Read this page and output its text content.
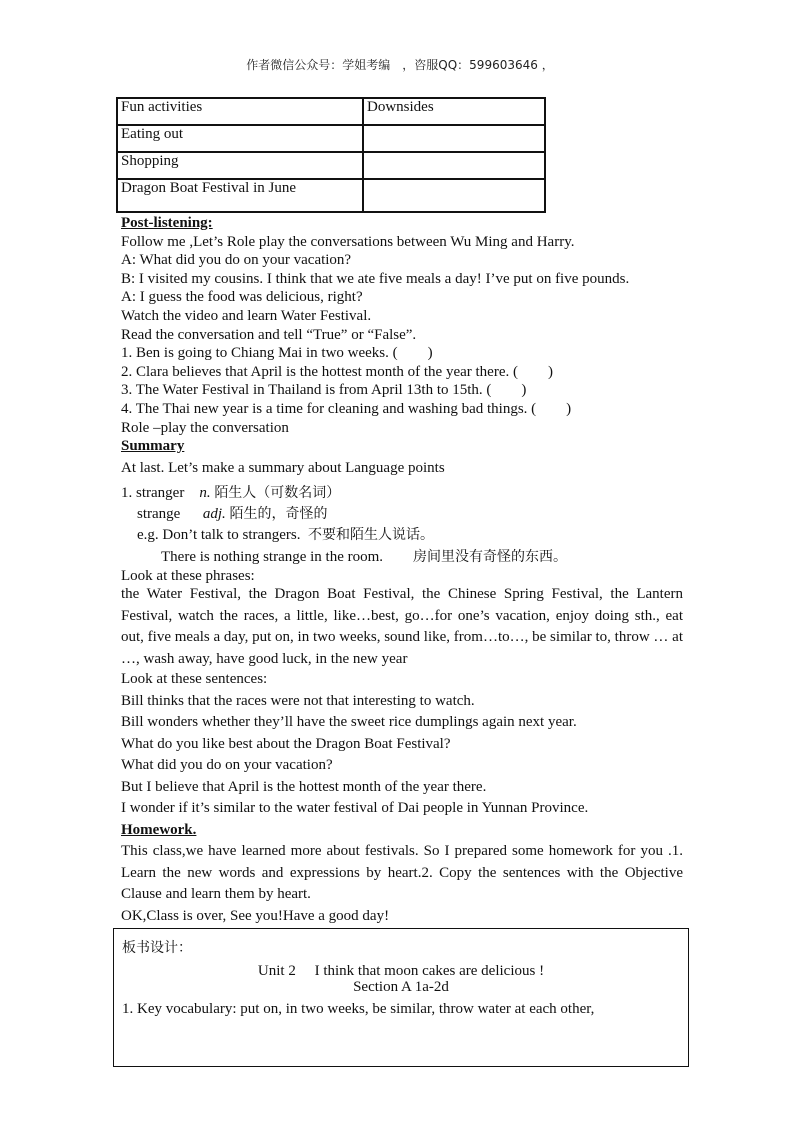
作者微信公众号：学姐考编　，咨服QQ：599603646 ，
Fun activities	Downsides
Eating out	
Shopping	
Dragon Boat Festival in June	
Post-listening:
Follow me ,Let’s Role play the conversations between Wu Ming and Harry.
A: What did you do on your vacation?
B: I visited my cousins. I think that we ate five meals a day! I’ve put on five pounds.
A: I guess the food was delicious, right?
Watch the video and learn Water Festival.
Read the conversation and tell “True” or “False”.
1. Ben is going to Chiang Mai in two weeks. (　　)
2. Clara believes that April is the hottest month of the year there. (　　)
3. The Water Festival in Thailand is from April 13th to 15th. (　　)
4. The Thai new year is a time for cleaning and washing bad things. (　　)
Role –play the conversation
Summary
At last. Let’s make a summary about Language points
1. stranger n. 陌生人（可数名词）
strange adj. 陌生的，奇怪的
e.g. Don’t talk to strangers. 不要和陌生人说话。
There is nothing strange in the room. 房间里没有奇怪的东西。
Look at these phrases:
the Water Festival, the Dragon Boat Festival, the Chinese Spring Festival, the Lantern Festival, watch the races, a little, like…best, go…for one’s vacation, enjoy doing sth., eat out, five meals a day, put on, in two weeks, sound like, from…to…, be similar to, throw … at …, wash away, have good luck, in the new year
Look at these sentences:
Bill thinks that the races were not that interesting to watch.
Bill wonders whether they’ll have the sweet rice dumplings again next year.
What do you like best about the Dragon Boat Festival?
What did you do on your vacation?
But I believe that April is the hottest month of the year there.
I wonder if it’s similar to the water festival of Dai people in Yunnan Province.
Homework.
This class,we have learned more about festivals. So I prepared some homework for you .1. Learn the new words and expressions by heart.2. Copy the sentences with the Objective Clause and learn them by heart.
OK,Class is over, See you!Have a good day!
板书设计：
Unit 2　 I think that moon cakes are delicious !
Section A 1a-2d
1. Key vocabulary: put on, in two weeks, be similar, throw water at each other,
